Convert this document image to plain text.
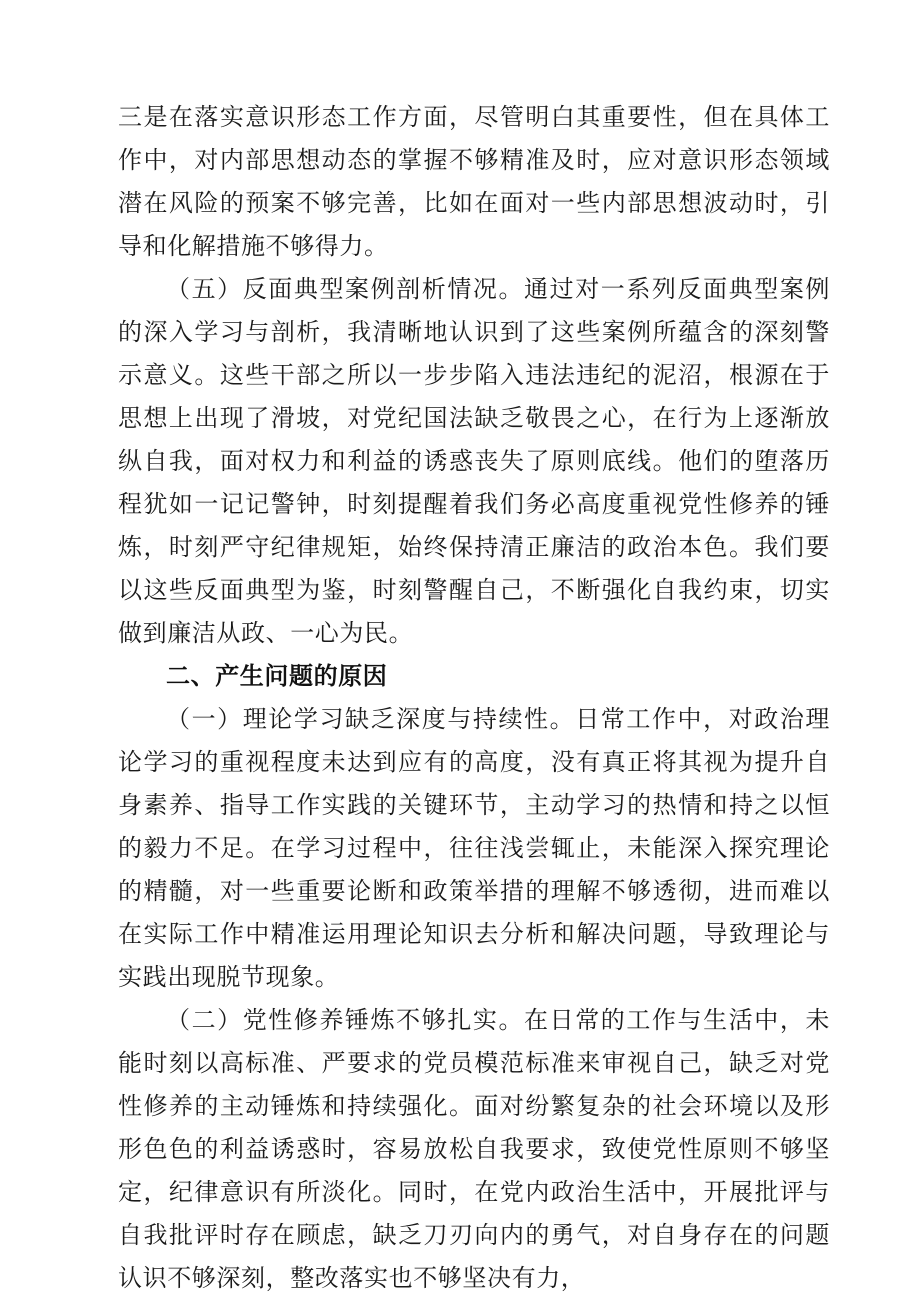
三是在落实意识形态工作方面，尽管明白其重要性，但在具体工作中，对内部思想动态的掌握不够精准及时，应对意识形态领域潜在风险的预案不够完善，比如在面对一些内部思想波动时，引导和化解措施不够得力。

（五）反面典型案例剖析情况。通过对一系列反面典型案例的深入学习与剖析，我清晰地认识到了这些案例所蕴含的深刻警示意义。这些干部之所以一步步陷入违法违纪的泥沼，根源在于思想上出现了滑坡，对党纪国法缺乏敬畏之心，在行为上逐渐放纵自我，面对权力和利益的诱惑丧失了原则底线。他们的堕落历程犹如一记记警钟，时刻提醒着我们务必高度重视党性修养的锤炼，时刻严守纪律规矩，始终保持清正廉洁的政治本色。我们要以这些反面典型为鉴，时刻警醒自己，不断强化自我约束，切实做到廉洁从政、一心为民。

二、产生问题的原因

（一）理论学习缺乏深度与持续性。日常工作中，对政治理论学习的重视程度未达到应有的高度，没有真正将其视为提升自身素养、指导工作实践的关键环节，主动学习的热情和持之以恒的毅力不足。在学习过程中，往往浅尝辄止，未能深入探究理论的精髓，对一些重要论断和政策举措的理解不够透彻，进而难以在实际工作中精准运用理论知识去分析和解决问题，导致理论与实践出现脱节现象。

（二）党性修养锤炼不够扎实。在日常的工作与生活中，未能时刻以高标准、严要求的党员模范标准来审视自己，缺乏对党性修养的主动锤炼和持续强化。面对纷繁复杂的社会环境以及形形色色的利益诱惑时，容易放松自我要求，致使党性原则不够坚定，纪律意识有所淡化。同时，在党内政治生活中，开展批评与自我批评时存在顾虑，缺乏刀刃向内的勇气，对自身存在的问题认识不够深刻，整改落实也不够坚决有力，
